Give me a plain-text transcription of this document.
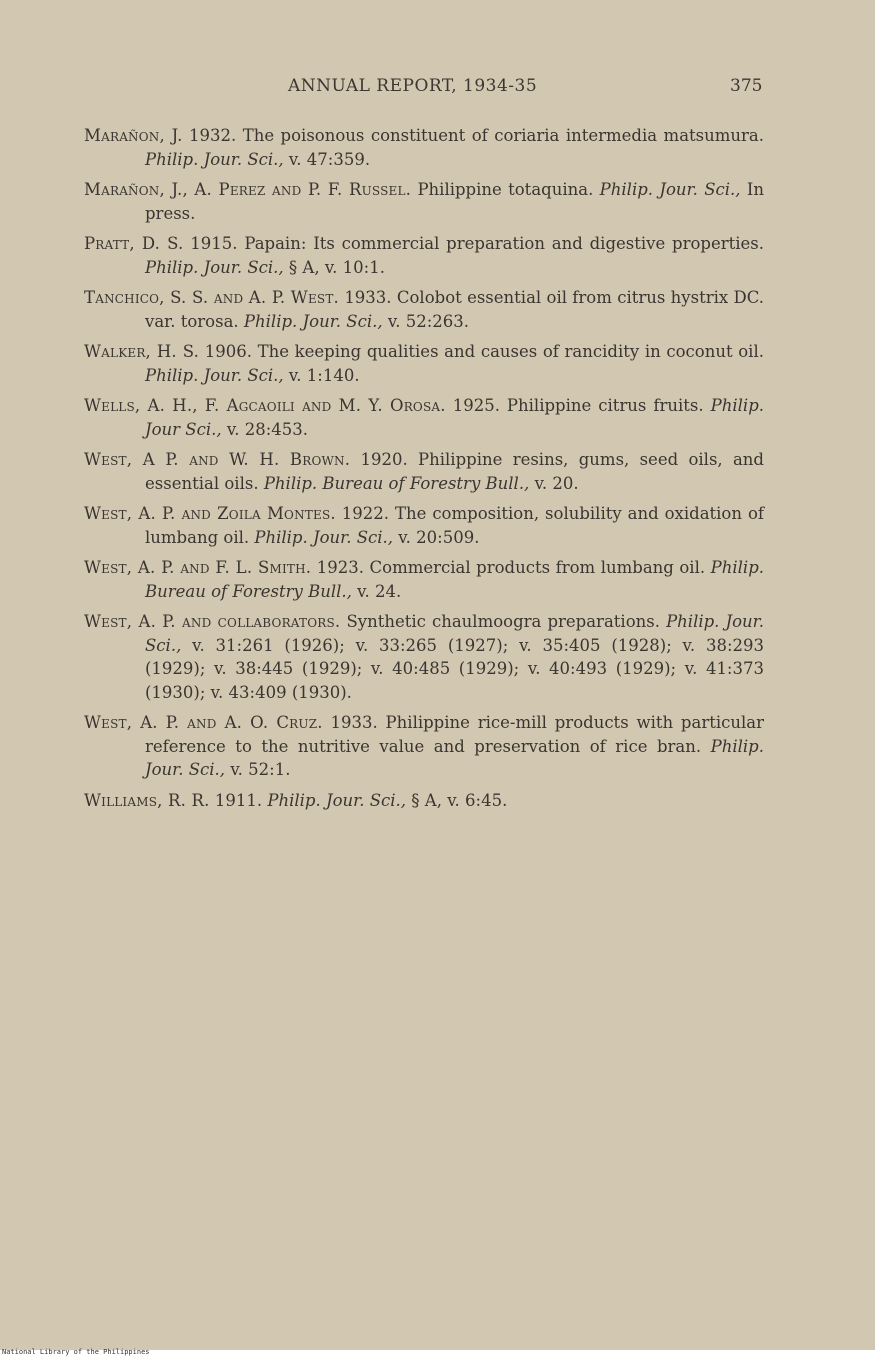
ANNUAL REPORT, 1934-35	375

Marañon, J. 1932. The poisonous constituent of coriaria intermedia matsumura. Philip. Jour. Sci., v. 47:359.

Marañon, J., A. Perez and P. F. Russel. Philippine totaquina. Philip. Jour. Sci., In press.

Pratt, D. S. 1915. Papain: Its commercial preparation and digestive properties. Philip. Jour. Sci., § A, v. 10:1.

Tanchico, S. S. and A. P. West. 1933. Colobot essential oil from citrus hystrix DC. var. torosa. Philip. Jour. Sci., v. 52:263.

Walker, H. S. 1906. The keeping qualities and causes of rancidity in coconut oil. Philip. Jour. Sci., v. 1:140.

Wells, A. H., F. Agcaoili and M. Y. Orosa. 1925. Philippine citrus fruits. Philip. Jour Sci., v. 28:453.

West, A P. and W. H. Brown. 1920. Philippine resins, gums, seed oils, and essential oils. Philip. Bureau of Forestry Bull., v. 20.

West, A. P. and Zoila Montes. 1922. The composition, solubility and oxidation of lumbang oil. Philip. Jour. Sci., v. 20:509.

West, A. P. and F. L. Smith. 1923. Commercial products from lumbang oil. Philip. Bureau of Forestry Bull., v. 24.

West, A. P. and collaborators. Synthetic chaulmoogra preparations. Philip. Jour. Sci., v. 31:261 (1926); v. 33:265 (1927); v. 35:405 (1928); v. 38:293 (1929); v. 38:445 (1929); v. 40:485 (1929); v. 40:493 (1929); v. 41:373 (1930); v. 43:409 (1930).

West, A. P. and A. O. Cruz. 1933. Philippine rice-mill products with particular reference to the nutritive value and preservation of rice bran. Philip. Jour. Sci., v. 52:1.

Williams, R. R. 1911. Philip. Jour. Sci., § A, v. 6:45.

National Library of the Philippines
